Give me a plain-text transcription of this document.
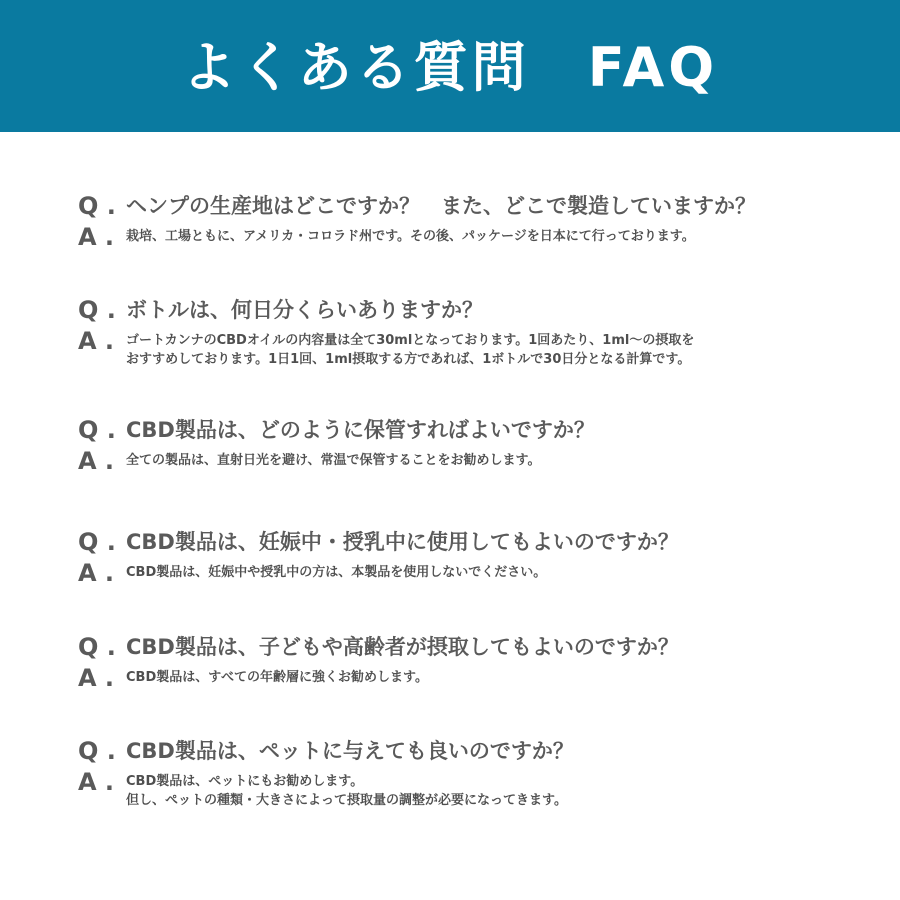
よくある質問　FAQ
Q . ヘンプの生産地はどこですか？　また、どこで製造していますか？
A . 栽培、工場ともに、アメリカ・コロラド州です。その後、パッケージを日本にて行っております。
Q . ボトルは、何日分くらいありますか？
A . ゴートカンナのCBDオイルの内容量は全て30mlとなっております。1回あたり、1ml〜の摂取を
おすすめしております。1日1回、1ml摂取する方であれば、1ボトルで30日分となる計算です。
Q . CBD製品は、どのように保管すればよいですか？
A . 全ての製品は、直射日光を避け、常温で保管することをお勧めします。
Q . CBD製品は、妊娠中・授乳中に使用してもよいのですか？
A . CBD製品は、妊娠中や授乳中の方は、本製品を使用しないでください。
Q . CBD製品は、子どもや高齢者が摂取してもよいのですか？
A . CBD製品は、すべての年齢層に強くお勧めします。
Q . CBD製品は、ペットに与えても良いのですか？
A . CBD製品は、ペットにもお勧めします。
但し、ペットの種類・大きさによって摂取量の調整が必要になってきます。
